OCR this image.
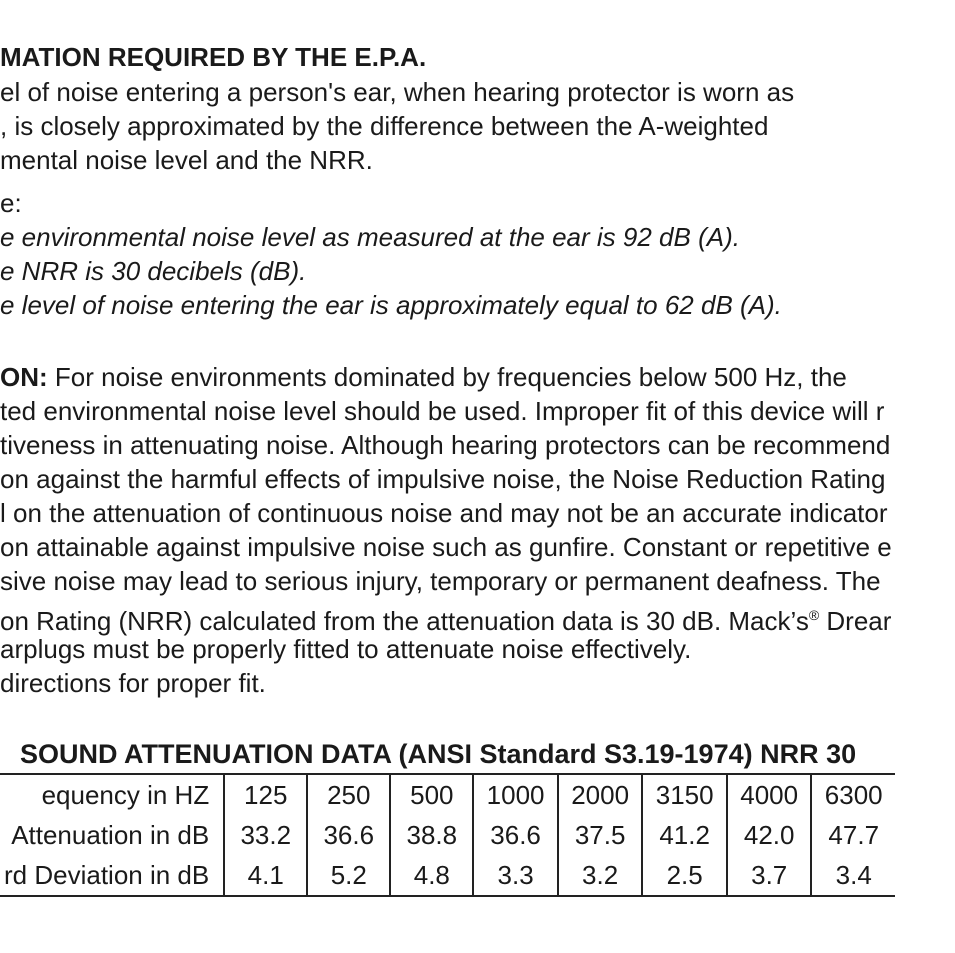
MATION REQUIRED BY THE E.P.A.
el of noise entering a person's ear, when hearing protector is worn as
, is closely approximated by the difference between the A-weighted
mental noise level and the NRR.
e:
e environmental noise level as measured at the ear is 92 dB (A).
e NRR is 30 decibels (dB).
e level of noise entering the ear is approximately equal to 62 dB (A).
ON: For noise environments dominated by frequencies below 500 Hz, the
ted environmental noise level should be used. Improper fit of this device will r
tiveness in attenuating noise. Although hearing protectors can be recommend
on against the harmful effects of impulsive noise, the Noise Reduction Rating
l on the attenuation of continuous noise and may not be an accurate indicator
on attainable against impulsive noise such as gunfire. Constant or repetitive e
sive noise may lead to serious injury, temporary or permanent deafness. The
on Rating (NRR) calculated from the attenuation data is 30 dB. Mack’s® Drear
arplugs must be properly fitted to attenuate noise effectively.
directions for proper fit.
SOUND ATTENUATION DATA (ANSI Standard S3.19-1974) NRR 30
equency in HZ	125	250	500	1000	2000	3150	4000	6300
Attenuation in dB	33.2	36.6	38.8	36.6	37.5	41.2	42.0	47.7
rd Deviation in dB	4.1	5.2	4.8	3.3	3.2	2.5	3.7	3.4
